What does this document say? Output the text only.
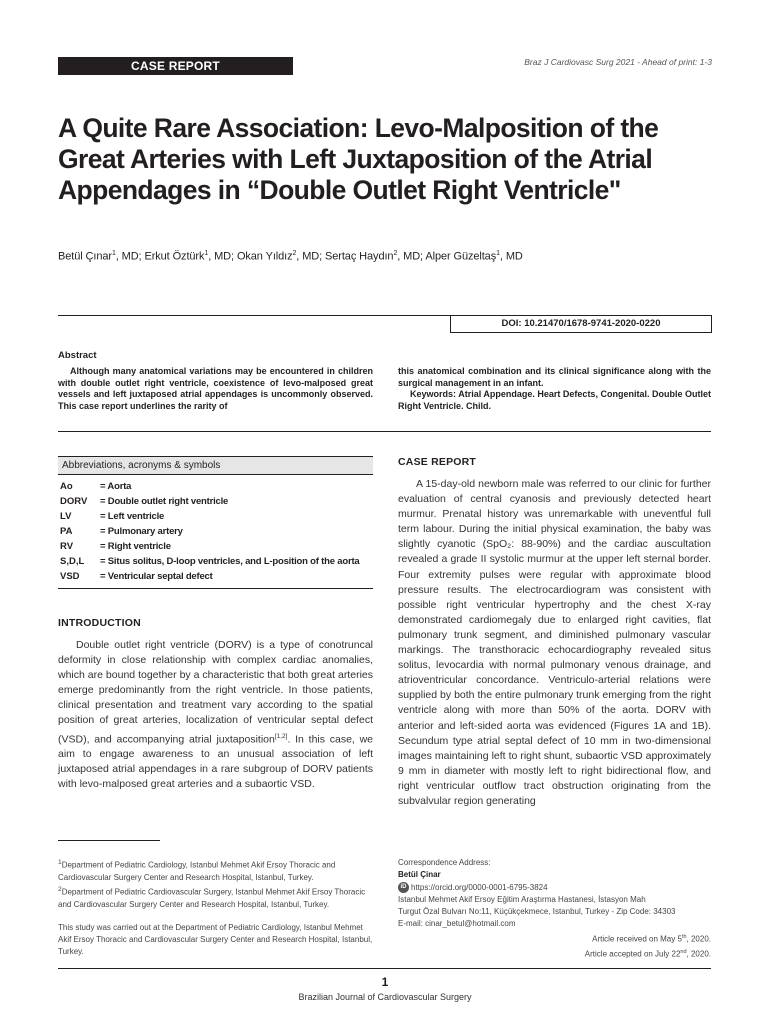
CASE REPORT	Braz J Cardiovasc Surg 2021 - Ahead of print: 1-3
A Quite Rare Association: Levo-Malposition of the Great Arteries with Left Juxtaposition of the Atrial Appendages in “Double Outlet Right Ventricle"
Betül Çınar$^1$, MD; Erkut Öztürk$^1$, MD; Okan Yıldız$^2$, MD; Sertaç Haydın$^2$, MD; Alper Güzeltaş$^1$, MD
DOI: 10.21470/1678-9741-2020-0220
Abstract

Although many anatomical variations may be encountered in children with double outlet right ventricle, coexistence of levo-malposed great vessels and left juxtaposed atrial appendages is uncommonly observed. This case report underlines the rarity of

this anatomical combination and its clinical significance along with the surgical management in an infant.

Keywords: Atrial Appendage. Heart Defects, Congenital. Double Outlet Right Ventricle. Child.

Abbreviations, acronyms & symbols
Ao	= Aorta
DORV	= Double outlet right ventricle
LV	= Left ventricle
PA	= Pulmonary artery
RV	= Right ventricle
S,D,L	= Situs solitus, D-loop ventricles, and L-position of the aorta
VSD	= Ventricular septal defect
INTRODUCTION

Double outlet right ventricle (DORV) is a type of conotruncal deformity in close relationship with complex cardiac anomalies, which are bound together by a characteristic that both great arteries emerge predominantly from the right ventricle. In those patients, clinical presentation and treatment vary according to the spatial position of great arteries, localization of ventricular septal defect (VSD), and accompanying atrial juxtaposition[1,2]. In this case, we aim to engage awareness to an unusual association of left juxtaposed atrial appendages in a rare subgroup of DORV patients with levo-malposed great arteries and a subaortic VSD.

CASE REPORT

A 15-day-old newborn male was referred to our clinic for further evaluation of central cyanosis and previously detected heart murmur. Prenatal history was unremarkable with uneventful full term labour. During the initial physical examination, the baby was slightly cyanotic (SpO₂: 88-90%) and the cardiac auscultation revealed a grade II systolic murmur at the upper left sternal border. Four extremity pulses were regular with approximate blood pressure results. The electrocardiogram was consistent with possible right ventricular hypertrophy and the chest X-ray demonstrated cardiomegaly due to enlarged right cavities, flat pulmonary trunk segment, and diminished pulmonary vascular markings. The transthoracic echocardiography revealed situs solitus, levocardia with normal pulmonary venous drainage, and atrioventricular concordance. Ventriculo-arterial relations were supplied by both the entire pulmonary trunk emerging from the right ventricle along with more than 50% of the aorta. DORV with anterior and left-sided aorta was evidenced (Figures 1A and 1B). Secundum type atrial septal defect of 10 mm in two-dimensional images maintaining left to right shunt, subaortic VSD approximately 9 mm in diameter with mostly left to right bidirectional flow, and right ventricular outflow tract obstruction originating from the subvalvular region generating

$^1$Department of Pediatric Cardiology, Istanbul Mehmet Akif Ersoy Thoracic and Cardiovascular Surgery Center and Research Hospital, Istanbul, Turkey.

$^2$Department of Pediatric Cardiovascular Surgery, Istanbul Mehmet Akif Ersoy Thoracic and Cardiovascular Surgery Center and Research Hospital, Istanbul, Turkey.

This study was carried out at the Department of Pediatric Cardiology, Istanbul Mehmet Akif Ersoy Thoracic and Cardiovascular Surgery Center and Research Hospital, Istanbul, Turkey.

Correspondence Address:

Betül Çinar

iD https://orcid.org/0000-0001-6795-3824

Istanbul Mehmet Akif Ersoy Eğitim Araştırma Hastanesi, İstasyon Mah

Turgut Özal Bulvarı No:11, Küçükçekmece, Istanbul, Turkey - Zip Code: 34303

E-mail: cinar_betul@hotmail.com

Article received on May 5th, 2020.

Article accepted on July 22nd, 2020.

1
Brazilian Journal of Cardiovascular Surgery
